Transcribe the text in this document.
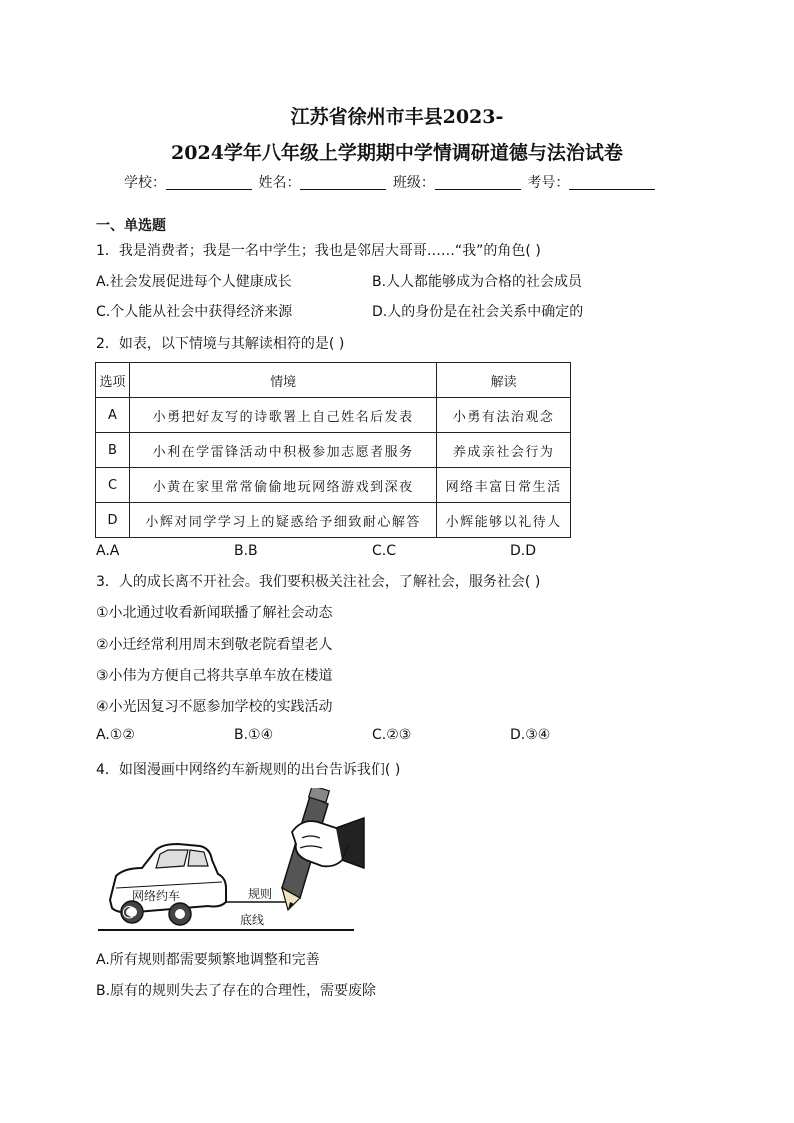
江苏省徐州市丰县2023-
2024学年八年级上学期期中学情调研道德与法治试卷
学校：	姓名：	班级：	考号：
一、单选题
1．我是消费者；我是一名中学生；我也是邻居大哥哥……“我”的角色( )
A.社会发展促进每个人健康成长	B.人人都能够成为合格的社会成员
C.个人能从社会中获得经济来源	D.人的身份是在社会关系中确定的
2．如表，以下情境与其解读相符的是( )
选项	情境	解读
A	小勇把好友写的诗歌署上自己姓名后发表	小勇有法治观念
B	小利在学雷锋活动中积极参加志愿者服务	养成亲社会行为
C	小黄在家里常常偷偷地玩网络游戏到深夜	网络丰富日常生活
D	小辉对同学学习上的疑惑给予细致耐心解答	小辉能够以礼待人
A.A	B.B	C.C	D.D
3．人的成长离不开社会。我们要积极关注社会，了解社会，服务社会( )
①小北通过收看新闻联播了解社会动态
②小迁经常利用周末到敬老院看望老人
③小伟为方便自己将共享单车放在楼道
④小光因复习不愿参加学校的实践活动
A.①②	B.①④	C.②③	D.③④
4．如图漫画中网络约车新规则的出台告诉我们( )
@
网络约车	规则
底线
A.所有规则都需要频繁地调整和完善
B.原有的规则失去了存在的合理性，需要废除
